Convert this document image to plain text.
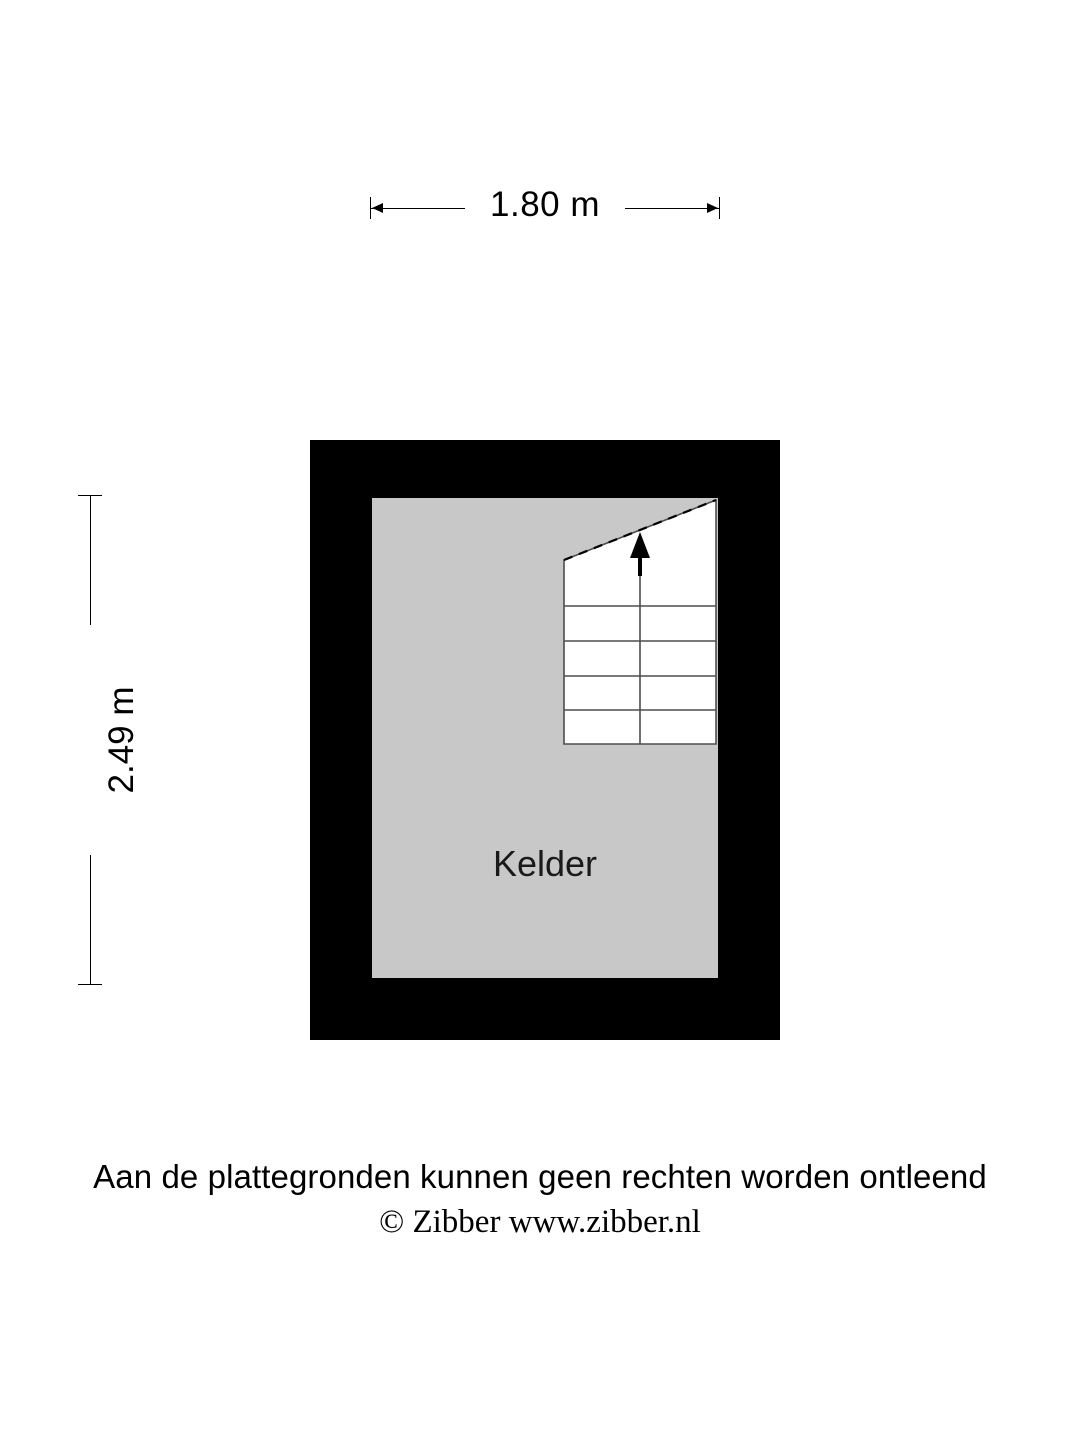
1.80 m
2.49 m
Kelder
Aan de plattegronden kunnen geen rechten worden ontleend
© Zibber www.zibber.nl
